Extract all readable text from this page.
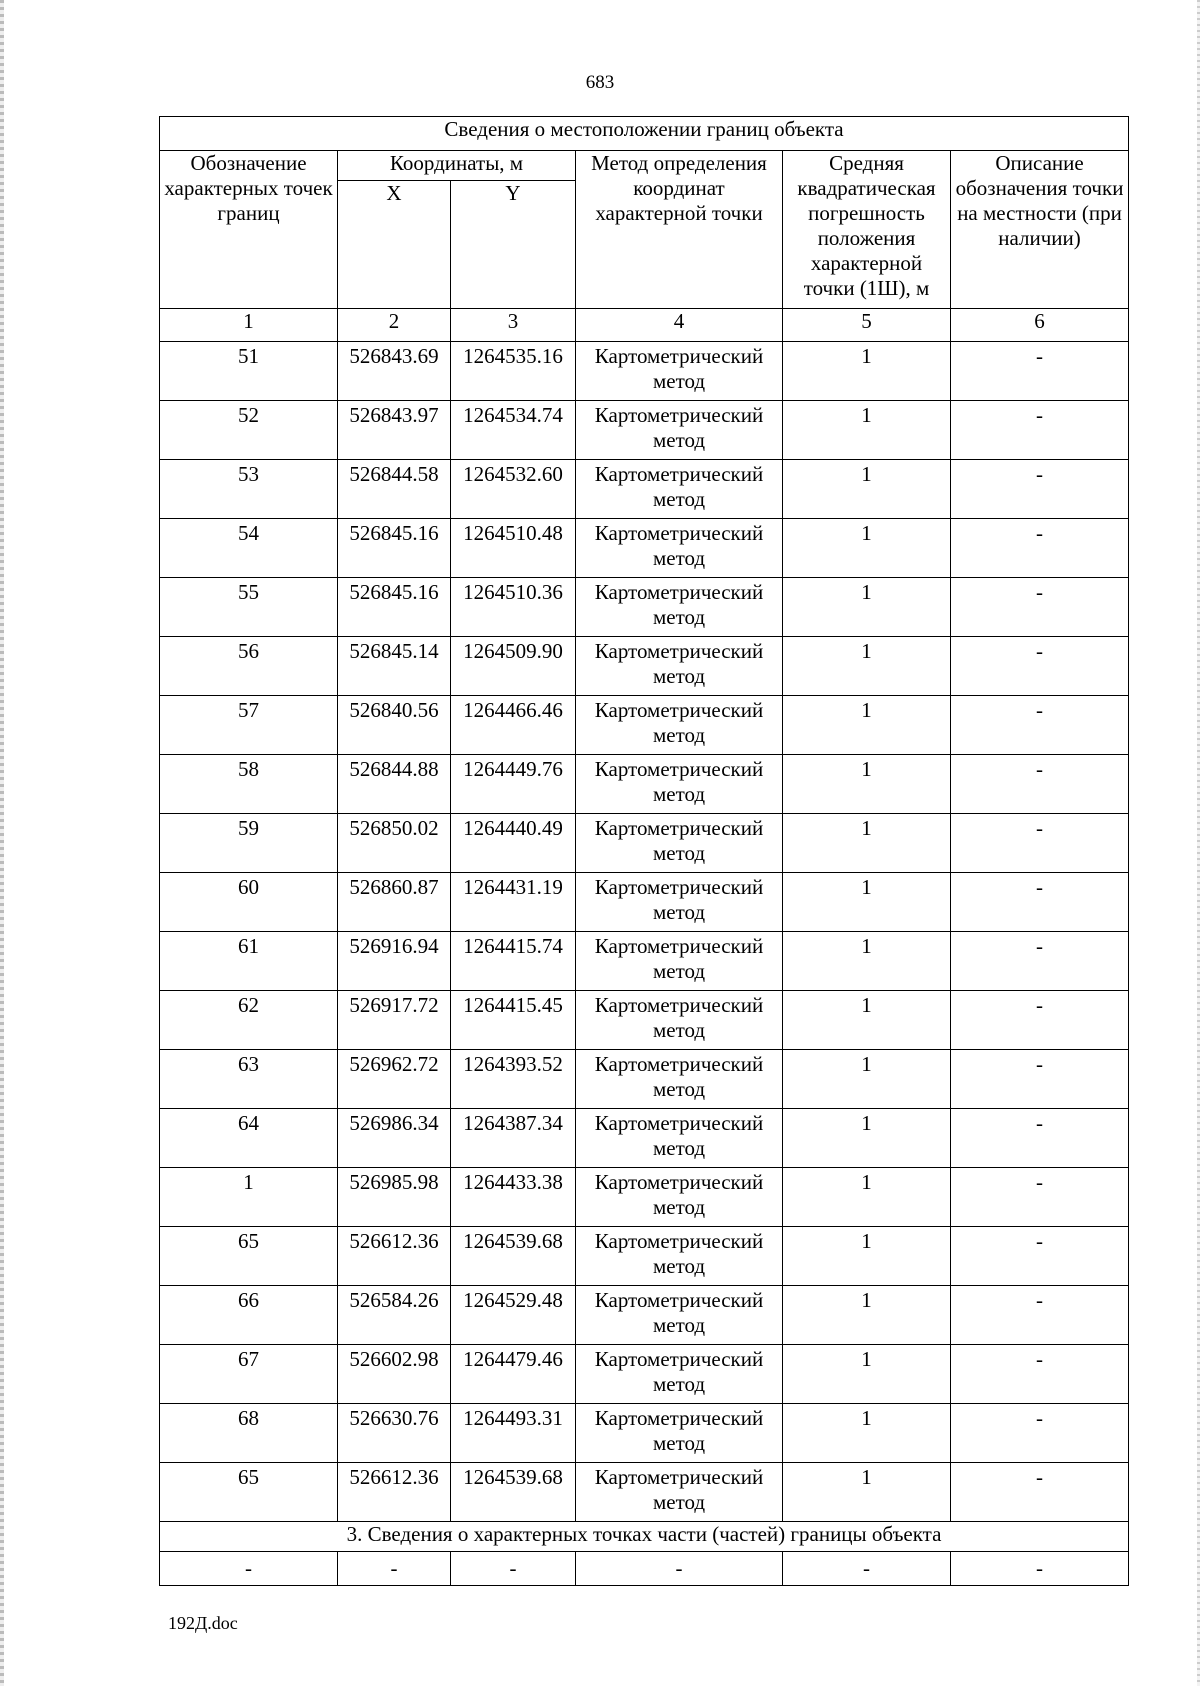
683
Сведения о местоположении границ объекта					
Обозначение характерных точек границ	Координаты, м		Метод определения координат характерной точки	Средняя квадратическая погрешность положения характерной точки (1Ш), м	Описание обозначения точки на местности (при наличии)
	X	Y			
1	2	3	4	5	6
51	526843.69	1264535.16	Картометрический метод	1	-
52	526843.97	1264534.74	Картометрический метод	1	-
53	526844.58	1264532.60	Картометрический метод	1	-
54	526845.16	1264510.48	Картометрический метод	1	-
55	526845.16	1264510.36	Картометрический метод	1	-
56	526845.14	1264509.90	Картометрический метод	1	-
57	526840.56	1264466.46	Картометрический метод	1	-
58	526844.88	1264449.76	Картометрический метод	1	-
59	526850.02	1264440.49	Картометрический метод	1	-
60	526860.87	1264431.19	Картометрический метод	1	-
61	526916.94	1264415.74	Картометрический метод	1	-
62	526917.72	1264415.45	Картометрический метод	1	-
63	526962.72	1264393.52	Картометрический метод	1	-
64	526986.34	1264387.34	Картометрический метод	1	-
1	526985.98	1264433.38	Картометрический метод	1	-
65	526612.36	1264539.68	Картометрический метод	1	-
66	526584.26	1264529.48	Картометрический метод	1	-
67	526602.98	1264479.46	Картометрический метод	1	-
68	526630.76	1264493.31	Картометрический метод	1	-
65	526612.36	1264539.68	Картометрический метод	1	-
3. Сведения о характерных точках части (частей) границы объекта					
-	-	-	-	-	-
192Д.doc
